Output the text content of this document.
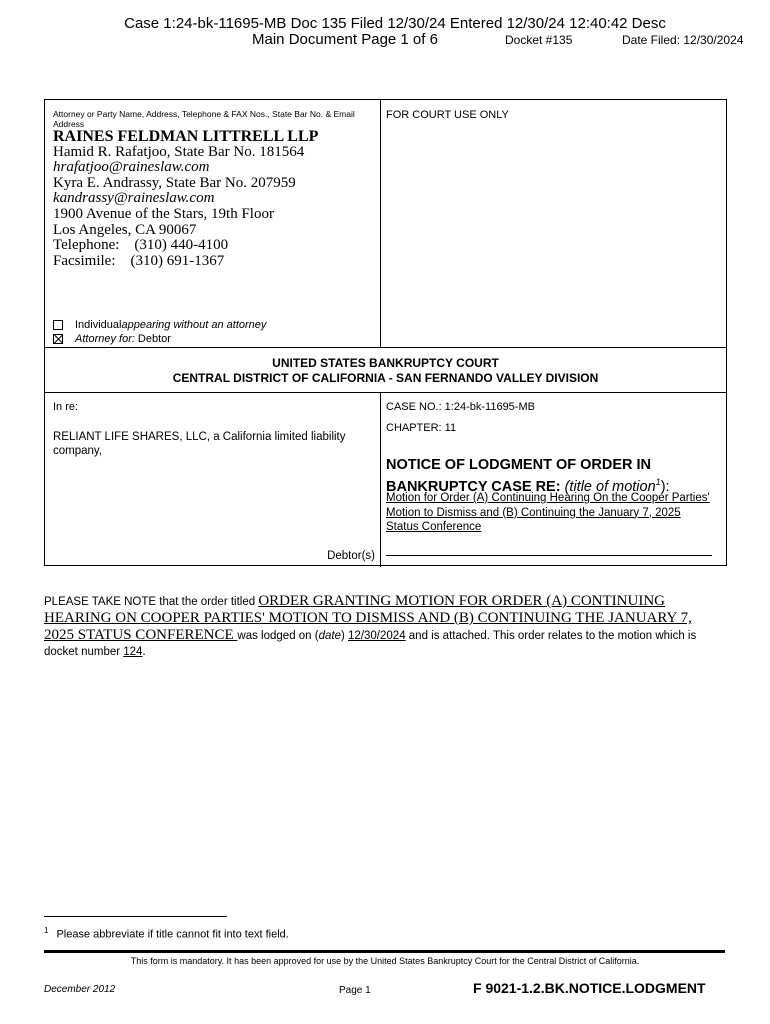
Case 1:24-bk-11695-MB Doc 135 Filed 12/30/24 Entered 12/30/24 12:40:42 Desc
Main Document Page 1 of 6	Docket #135	Date Filed: 12/30/2024
Attorney or Party Name, Address, Telephone & FAX Nos., State Bar No. & Email Address
RAINES FELDMAN LITTRELL LLP
Hamid R. Rafatjoo, State Bar No. 181564
hrafatjoo@raineslaw.com
Kyra E. Andrassy, State Bar No. 207959
kandrassy@raineslaw.com
1900 Avenue of the Stars, 19th Floor
Los Angeles, CA 90067
Telephone:    (310) 440-4100
Facsimile:    (310) 691-1367
FOR COURT USE ONLY
Individual appearing without an attorney
Attorney for: Debtor
UNITED STATES BANKRUPTCY COURT
CENTRAL DISTRICT OF CALIFORNIA - SAN FERNANDO VALLEY DIVISION
In re:
RELIANT LIFE SHARES, LLC, a California limited liability company,
Debtor(s)
CASE NO.: 1:24-bk-11695-MB
CHAPTER: 11
NOTICE OF LODGMENT OF ORDER IN
BANKRUPTCY CASE RE: (title of motion$^1$):
Motion for Order (A) Continuing Hearing On the Cooper Parties' Motion to Dismiss and (B) Continuing the January 7, 2025 Status Conference
PLEASE TAKE NOTE that the order titled ORDER GRANTING MOTION FOR ORDER (A) CONTINUING HEARING ON COOPER PARTIES' MOTION TO DISMISS AND (B) CONTINUING THE JANUARY 7, 2025 STATUS CONFERENCE was lodged on (date) 12/30/2024 and is attached. This order relates to the motion which is docket number 124.
$^1$ Please abbreviate if title cannot fit into text field.
This form is mandatory. It has been approved for use by the United States Bankruptcy Court for the Central District of California.
December 2012	Page 1	F 9021-1.2.BK.NOTICE.LODGMENT
